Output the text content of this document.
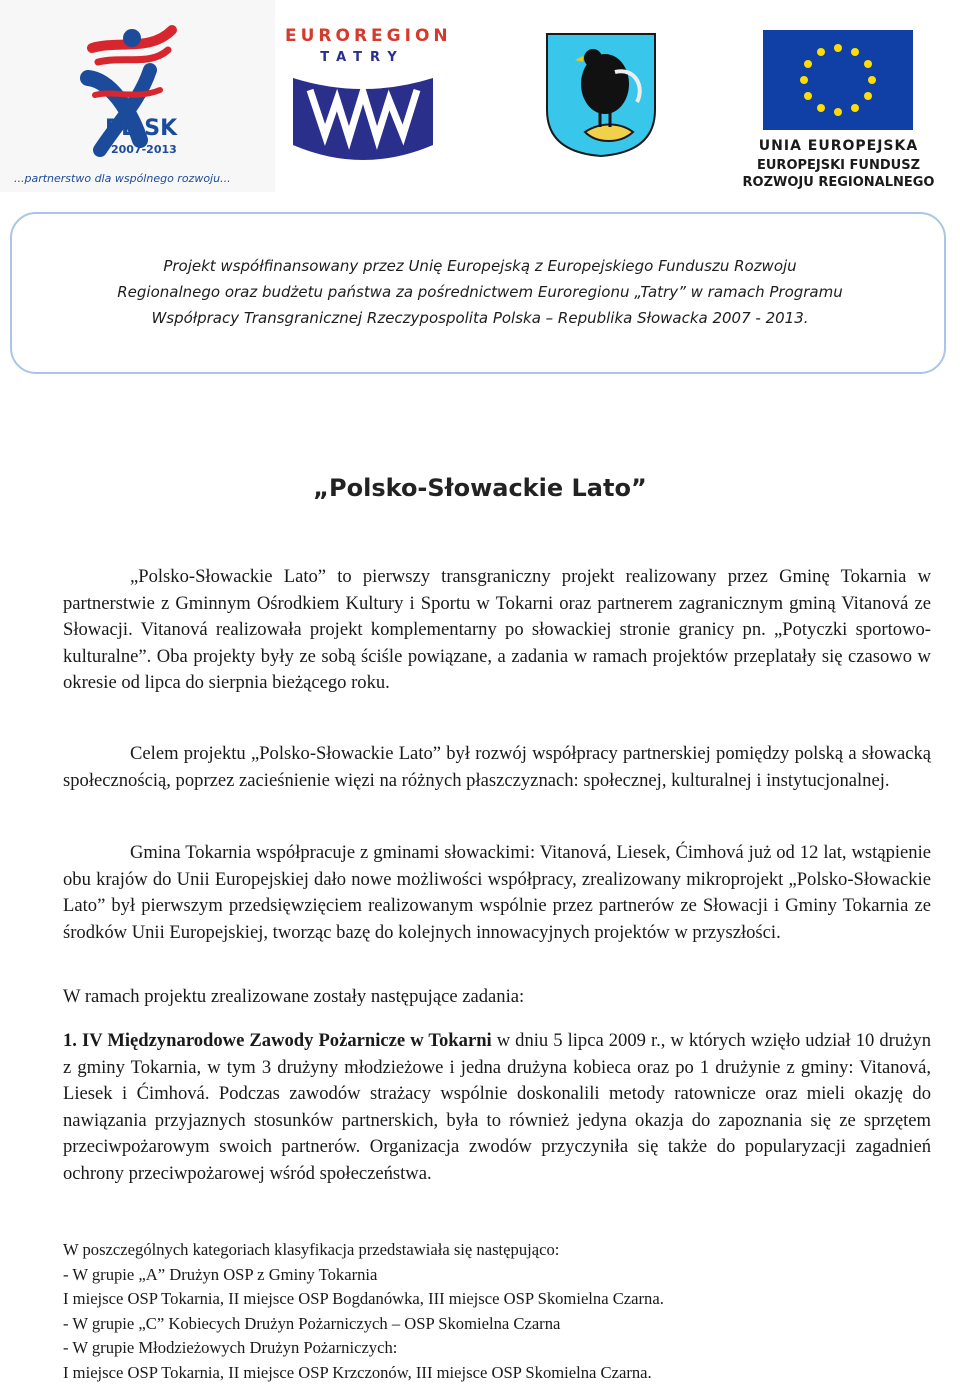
PL-SK
2007-2013
...partnerstwo dla wspólnego rozwoju...
EUROREGION
TATRY
UNIA EUROPEJSKA
EUROPEJSKI FUNDUSZ
ROZWOJU REGIONALNEGO
Projekt współfinansowany przez Unię Europejską z Europejskiego Funduszu Rozwoju
Regionalnego oraz budżetu państwa za pośrednictwem Euroregionu „Tatry” w ramach Programu
Współpracy Transgranicznej Rzeczypospolita Polska – Republika Słowacka 2007 - 2013.
„Polsko-Słowackie Lato”

„Polsko-Słowackie Lato” to pierwszy transgraniczny projekt realizowany przez Gminę Tokarnia w partnerstwie z Gminnym Ośrodkiem Kultury i Sportu w Tokarni oraz partnerem zagranicznym gminą Vitanová ze Słowacji. Vitanová realizowała projekt komplementarny po słowackiej stronie granicy pn. „Potyczki sportowo-kulturalne”. Oba projekty były ze sobą ściśle powiązane, a zadania w ramach projektów przeplatały się czasowo w okresie od lipca do sierpnia bieżącego roku.

Celem projektu „Polsko-Słowackie Lato” był rozwój współpracy partnerskiej pomiędzy polską a słowacką społecznością, poprzez zacieśnienie więzi na różnych płaszczyznach: społecznej, kulturalnej i instytucjonalnej.

Gmina Tokarnia współpracuje z gminami słowackimi: Vitanová, Liesek, Ćimhová już od 12 lat, wstąpienie obu krajów do Unii Europejskiej dało nowe możliwości współpracy, zrealizowany mikroprojekt „Polsko-Słowackie Lato” był pierwszym przedsięwzięciem realizowanym wspólnie przez partnerów ze Słowacji i Gminy Tokarnia ze środków Unii Europejskiej, tworząc bazę do kolejnych innowacyjnych projektów w przyszłości.

W ramach projektu zrealizowane zostały następujące zadania:

1. IV Międzynarodowe Zawody Pożarnicze w Tokarni w dniu 5 lipca 2009 r., w których wzięło udział 10 drużyn z gminy Tokarnia, w tym 3 drużyny młodzieżowe i jedna drużyna kobieca oraz po 1 drużynie z gminy: Vitanová, Liesek i Ćimhová. Podczas zawodów strażacy wspólnie doskonalili metody ratownicze oraz mieli okazję do nawiązania przyjaznych stosunków partnerskich, była to również jedyna okazja do zapoznania się ze sprzętem przeciwpożarowym swoich partnerów. Organizacja zwodów przyczyniła się także do popularyzacji zagadnień ochrony przeciwpożarowej wśród społeczeństwa.

W poszczególnych kategoriach klasyfikacja przedstawiała się następująco:
- W grupie „A” Drużyn OSP z Gminy Tokarnia
I miejsce OSP Tokarnia, II miejsce OSP Bogdanówka, III miejsce OSP Skomielna Czarna.
- W grupie „C” Kobiecych Drużyn Pożarniczych – OSP Skomielna Czarna
- W grupie Młodzieżowych Drużyn Pożarniczych:
I miejsce OSP Tokarnia, II miejsce OSP Krzczonów, III miejsce OSP Skomielna Czarna.
